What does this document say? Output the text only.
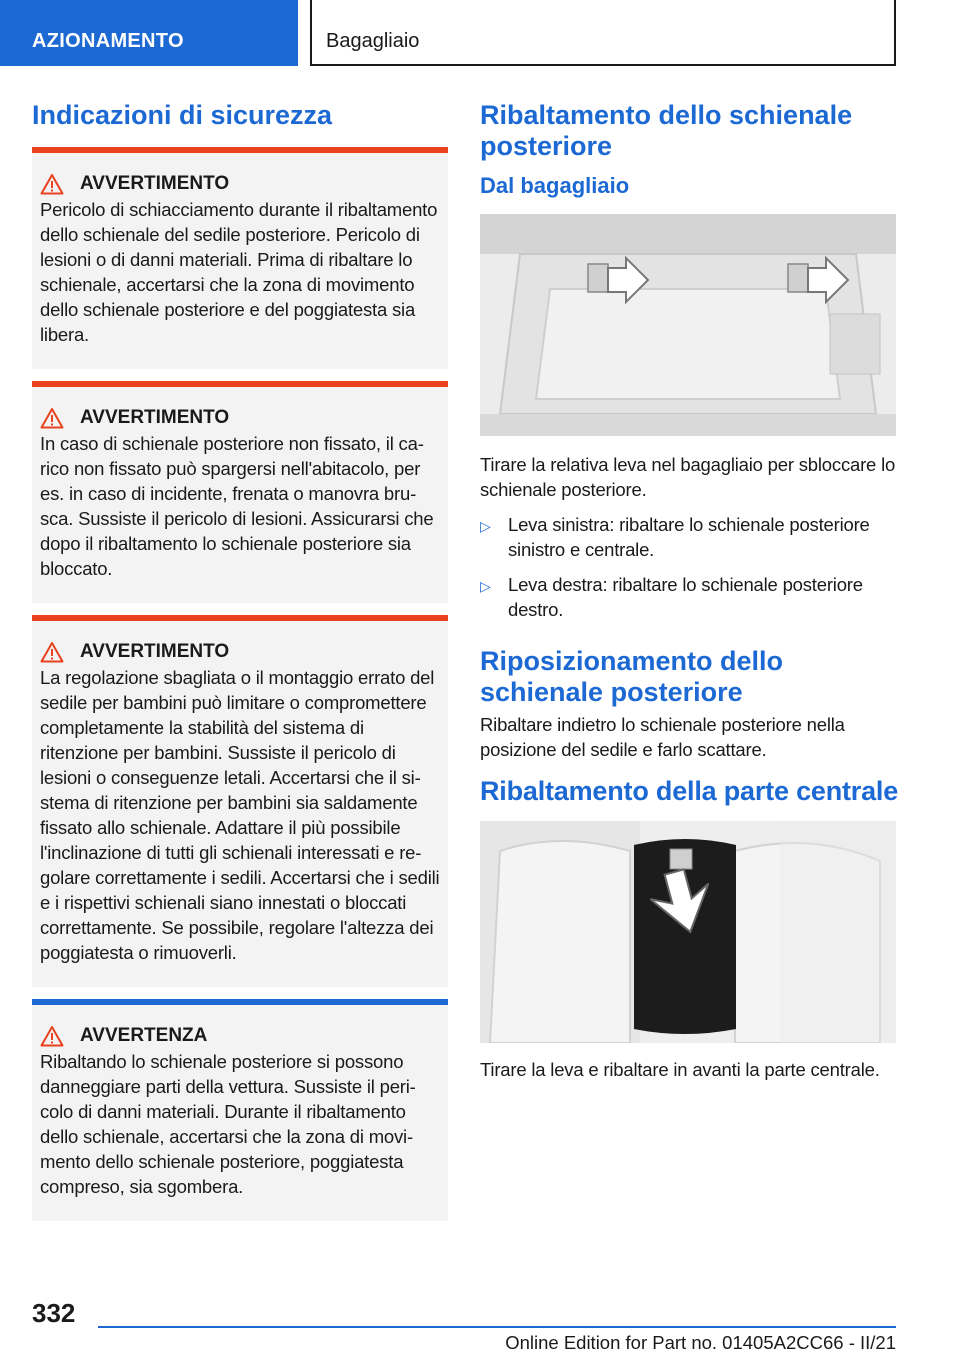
AZIONAMENTO	Bagagliaio
Indicazioni di sicurezza
AVVERTIMENTO
Pericolo di schiacciamento durante il ribaltamento dello schienale del sedile posteriore. Pericolo di lesioni o di danni materiali. Prima di ribaltare lo schienale, accertarsi che la zona di movimento dello schienale posteriore e del poggiatesta sia libera.
AVVERTIMENTO
In caso di schienale posteriore non fissato, il carico non fissato può spargersi nell'abitacolo, per es. in caso di incidente, frenata o manovra brusca. Sussiste il pericolo di lesioni. Assicurarsi che dopo il ribaltamento lo schienale posteriore sia bloccato.
AVVERTIMENTO
La regolazione sbagliata o il montaggio errato del sedile per bambini può limitare o compromettere completamente la stabilità del sistema di ritenzione per bambini. Sussiste il pericolo di lesioni o conseguenze letali. Accertarsi che il sistema di ritenzione per bambini sia saldamente fissato allo schienale. Adattare il più possibile l'inclinazione di tutti gli schienali interessati e regolare correttamente i sedili. Accertarsi che i sedili e i rispettivi schienali siano innestati o bloccati correttamente. Se possibile, regolare l'altezza dei poggiatesta o rimuoverli.
AVVERTENZA
Ribaltando lo schienale posteriore si possono danneggiare parti della vettura. Sussiste il pericolo di danni materiali. Durante il ribaltamento dello schienale, accertarsi che la zona di movimento dello schienale posteriore, poggiatesta compreso, sia sgombera.
Ribaltamento dello schienale posteriore
Dal bagagliaio

Tirare la relativa leva nel bagagliaio per sbloccare lo schienale posteriore.

▷ Leva sinistra: ribaltare lo schienale posteriore sinistro e centrale.
▷ Leva destra: ribaltare lo schienale posteriore destro.
Riposizionamento dello schienale posteriore

Ribaltare indietro lo schienale posteriore nella posizione del sedile e farlo scattare.

Ribaltamento della parte centrale

Tirare la leva e ribaltare in avanti la parte centrale.

332
Online Edition for Part no. 01405A2CC66 - II/21
